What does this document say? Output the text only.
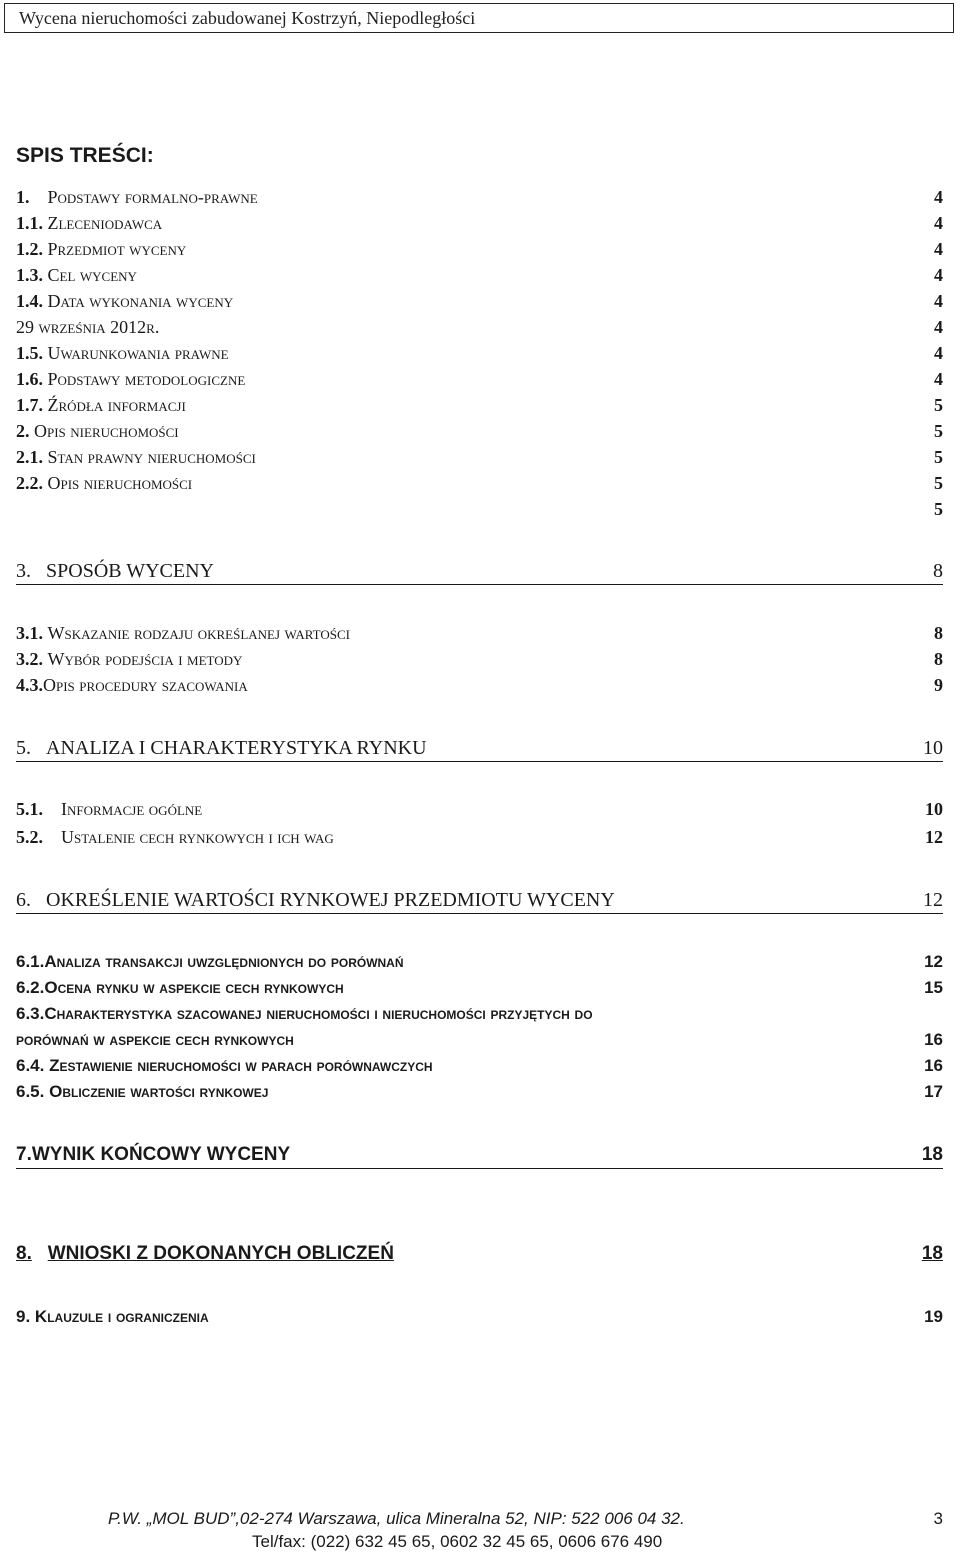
Wycena nieruchomości zabudowanej Kostrzyń, Niepodległości
SPIS TREŚCI:
1. Podstawy formalno-prawne	4
1.1. Zleceniodawca	4
1.2. Przedmiot wyceny	4
1.3. Cel wyceny	4
1.4. Data wykonania wyceny	4
29 września 2012r.	4
1.5. Uwarunkowania prawne	4
1.6. Podstawy metodologiczne	4
1.7. Źródła informacji	5
2. Opis nieruchomości	5
2.1. Stan prawny nieruchomości	5
2.2. Opis nieruchomości	5
5
3. SPOSÓB WYCENY	8
3.1. Wskazanie rodzaju określanej wartości	8
3.2. Wybór podejścia i metody	8
4.3.Opis procedury szacowania	9
5. ANALIZA I CHARAKTERYSTYKA RYNKU	10
5.1. Informacje ogólne	10
5.2. Ustalenie cech rynkowych i ich wag	12
6. OKREŚLENIE WARTOŚCI RYNKOWEJ PRZEDMIOTU WYCENY	12
6.1.Analiza transakcji uwzględnionych do porównań	12
6.2.Ocena rynku w aspekcie cech rynkowych	15
6.3.Charakterystyka szacowanej nieruchomości i nieruchomości przyjętych do
porównań w aspekcie cech rynkowych	16
6.4. Zestawienie nieruchomości w parach porównawczych	16
6.5. Obliczenie wartości rynkowej	17
7.WYNIK KOŃCOWY WYCENY	18
8. WNIOSKI Z DOKONANYCH OBLICZEŃ	18
9. Klauzule i ograniczenia	19
P.W. „MOL BUD”,02-274 Warszawa, ulica Mineralna 52, NIP: 522 006 04 32.	3
Tel/fax: (022) 632 45 65, 0602 32 45 65, 0606 676 490
